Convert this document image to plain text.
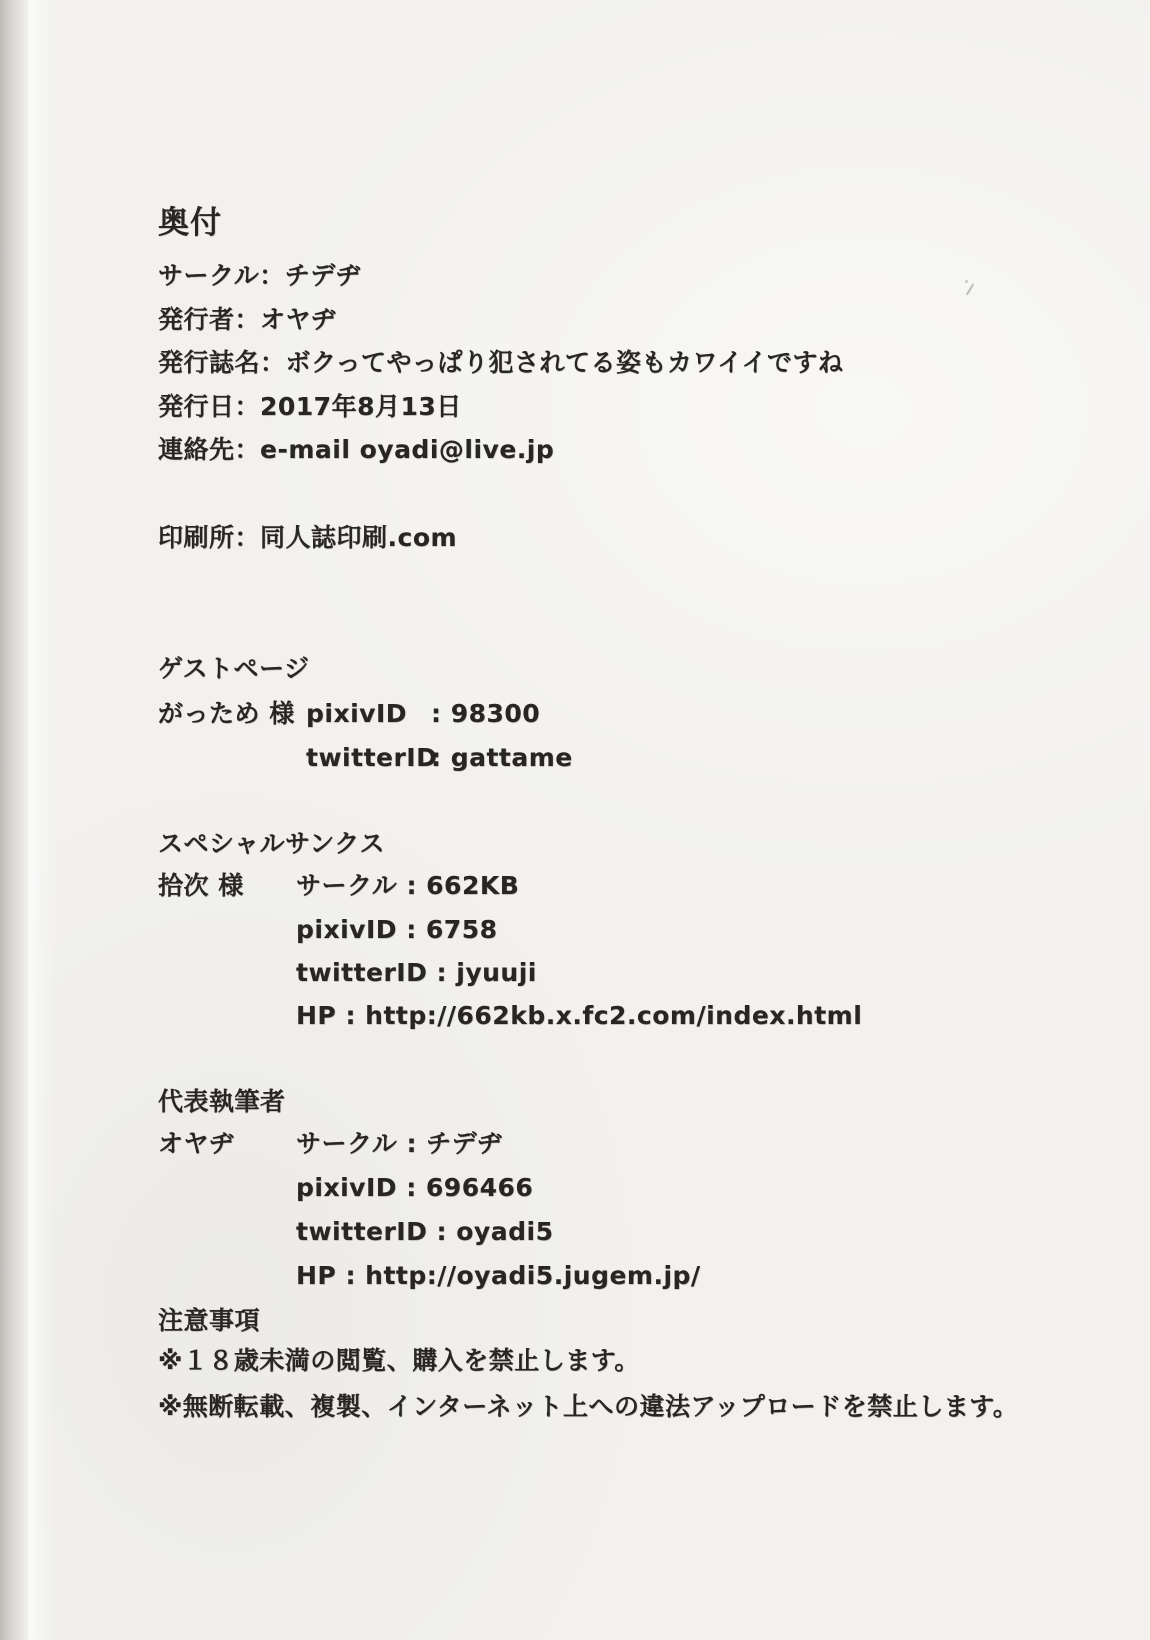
奥付
サークル：チデヂ
発行者：オヤヂ
発行誌名：ボクってやっぱり犯されてる姿もカワイイですね
発行日：2017年8月13日
連絡先：e-mail oyadi@live.jp
印刷所：同人誌印刷.com
ゲストページ
がっため 様 pixivID : 98300
twitterID
: gattame
スペシャルサンクス
拾次 様	サークル : 662KB
pixivID : 6758
twitterID : jyuuji
HP : http://662kb.x.fc2.com/index.html
代表執筆者
オヤヂ	サークル : チデヂ
pixivID : 696466
twitterID : oyadi5
HP : http://oyadi5.jugem.jp/
注意事項
※１８歳未満の閲覧、購入を禁止します。
※無断転載、複製、インターネット上への違法アップロードを禁止します。
